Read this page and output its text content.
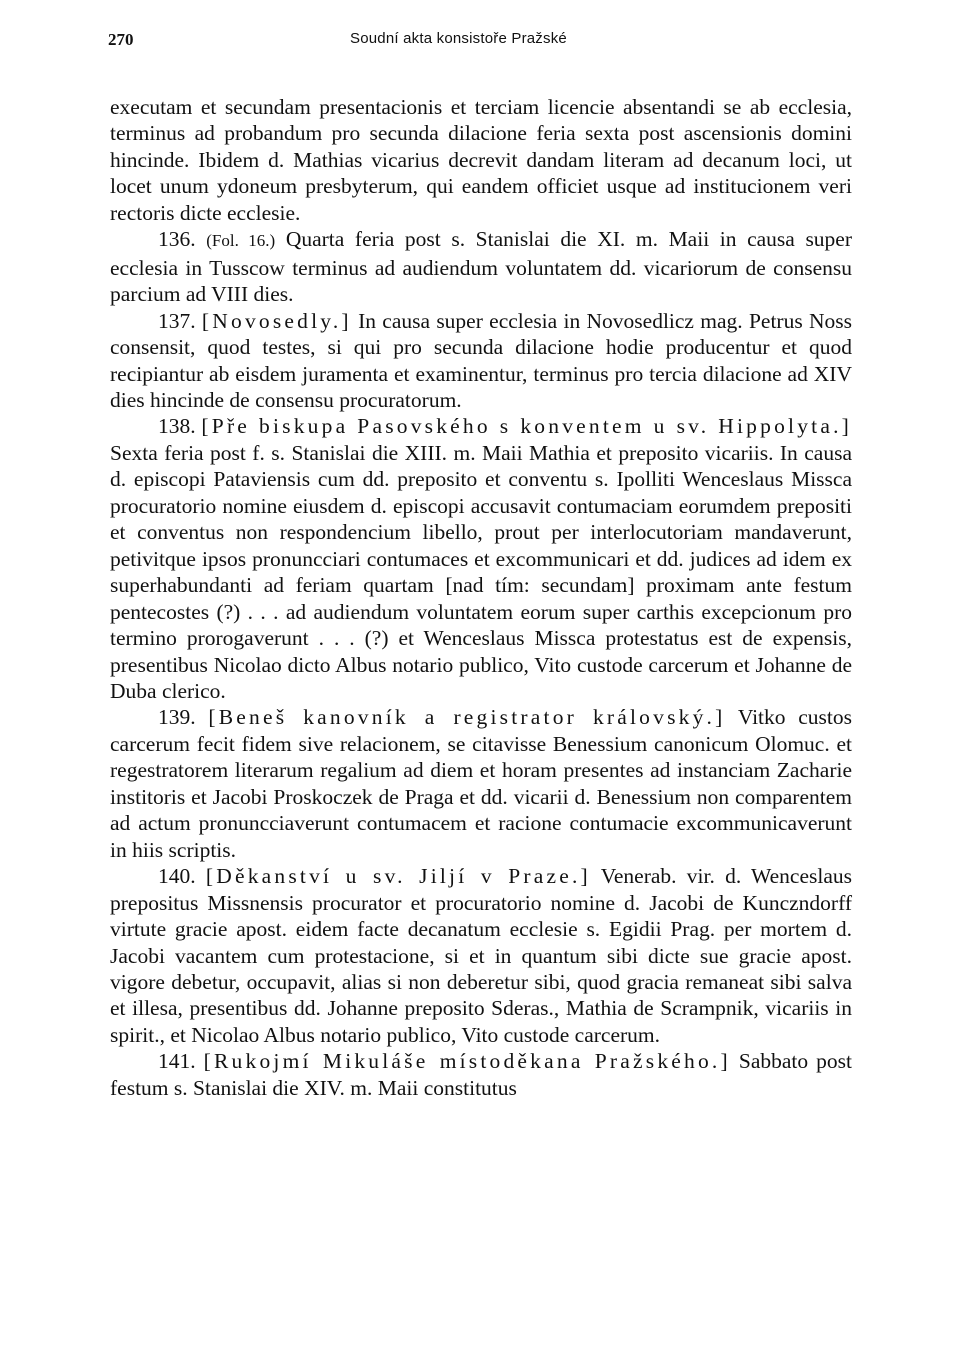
270	Soudní akta konsistoře Pražské

executam et secundam presentacionis et terciam licencie absentandi se ab ecclesia, terminus ad probandum pro secunda dilacione feria sexta post ascensionis domini hincinde. Ibidem d. Mathias vicarius decrevit dandam literam ad decanum loci, ut locet unum ydoneum presbyterum, qui eandem officiet usque ad institucionem veri rectoris dicte ecclesie.

136. (Fol. 16.) Quarta feria post s. Stanislai die XI. m. Maii in causa super ecclesia in Tusscow terminus ad audiendum voluntatem dd. vicariorum de consensu parcium ad VIII dies.

137. [Novosedly.] In causa super ecclesia in Novosedlicz mag. Petrus Noss consensit, quod testes, si qui pro secunda dilacione hodie producentur et quod recipiantur ab eisdem juramenta et examinentur, terminus pro tercia dilacione ad XIV dies hincinde de consensu procuratorum.

138. [Pře biskupa Pasovského s konventem u sv. Hippolyta.] Sexta feria post f. s. Stanislai die XIII. m. Maii Mathia et preposito vicariis. In causa d. episcopi Pataviensis cum dd. preposito et conventu s. Ipolliti Wenceslaus Missca procuratorio nomine eiusdem d. episcopi accusavit contumaciam eorumdem prepositi et conventus non respondencium libello, prout per interlocutoriam mandaverunt, petivitque ipsos pronuncciari contumaces et excommunicari et dd. judices ad idem ex superhabundanti ad feriam quartam [nad tím: secundam] proximam ante festum pentecostes (?) . . . ad audiendum voluntatem eorum super carthis excepcionum pro termino prorogaverunt . . . (?) et Wenceslaus Missca protestatus est de expensis, presentibus Nicolao dicto Albus notario publico, Vito custode carcerum et Johanne de Duba clerico.

139. [Beneš kanovník a registrator královský.] Vitko custos carcerum fecit fidem sive relacionem, se citavisse Benessium canonicum Olomuc. et regestratorem literarum regalium ad diem et horam presentes ad instanciam Zacharie institoris et Jacobi Proskoczek de Praga et dd. vicarii d. Benessium non comparentem ad actum pronuncciaverunt contumacem et racione contumacie excommunicaverunt in hiis scriptis.

140. [Děkanství u sv. Jiljí v Praze.] Venerab. vir. d. Wenceslaus prepositus Missnensis procurator et procuratorio nomine d. Jacobi de Kunczndorff virtute gracie apost. eidem facte decanatum ecclesie s. Egidii Prag. per mortem d. Jacobi vacantem cum protestacione, si et in quantum sibi dicte sue gracie apost. vigore debetur, occupavit, alias si non deberetur sibi, quod gracia remaneat sibi salva et illesa, presentibus dd. Johanne preposito Sderas., Mathia de Scrampnik, vicariis in spirit., et Nicolao Albus notario publico, Vito custode carcerum.

141. [Rukojmí Mikuláše místoděkana Pražského.] Sabbato post festum s. Stanislai die XIV. m. Maii constitutus
